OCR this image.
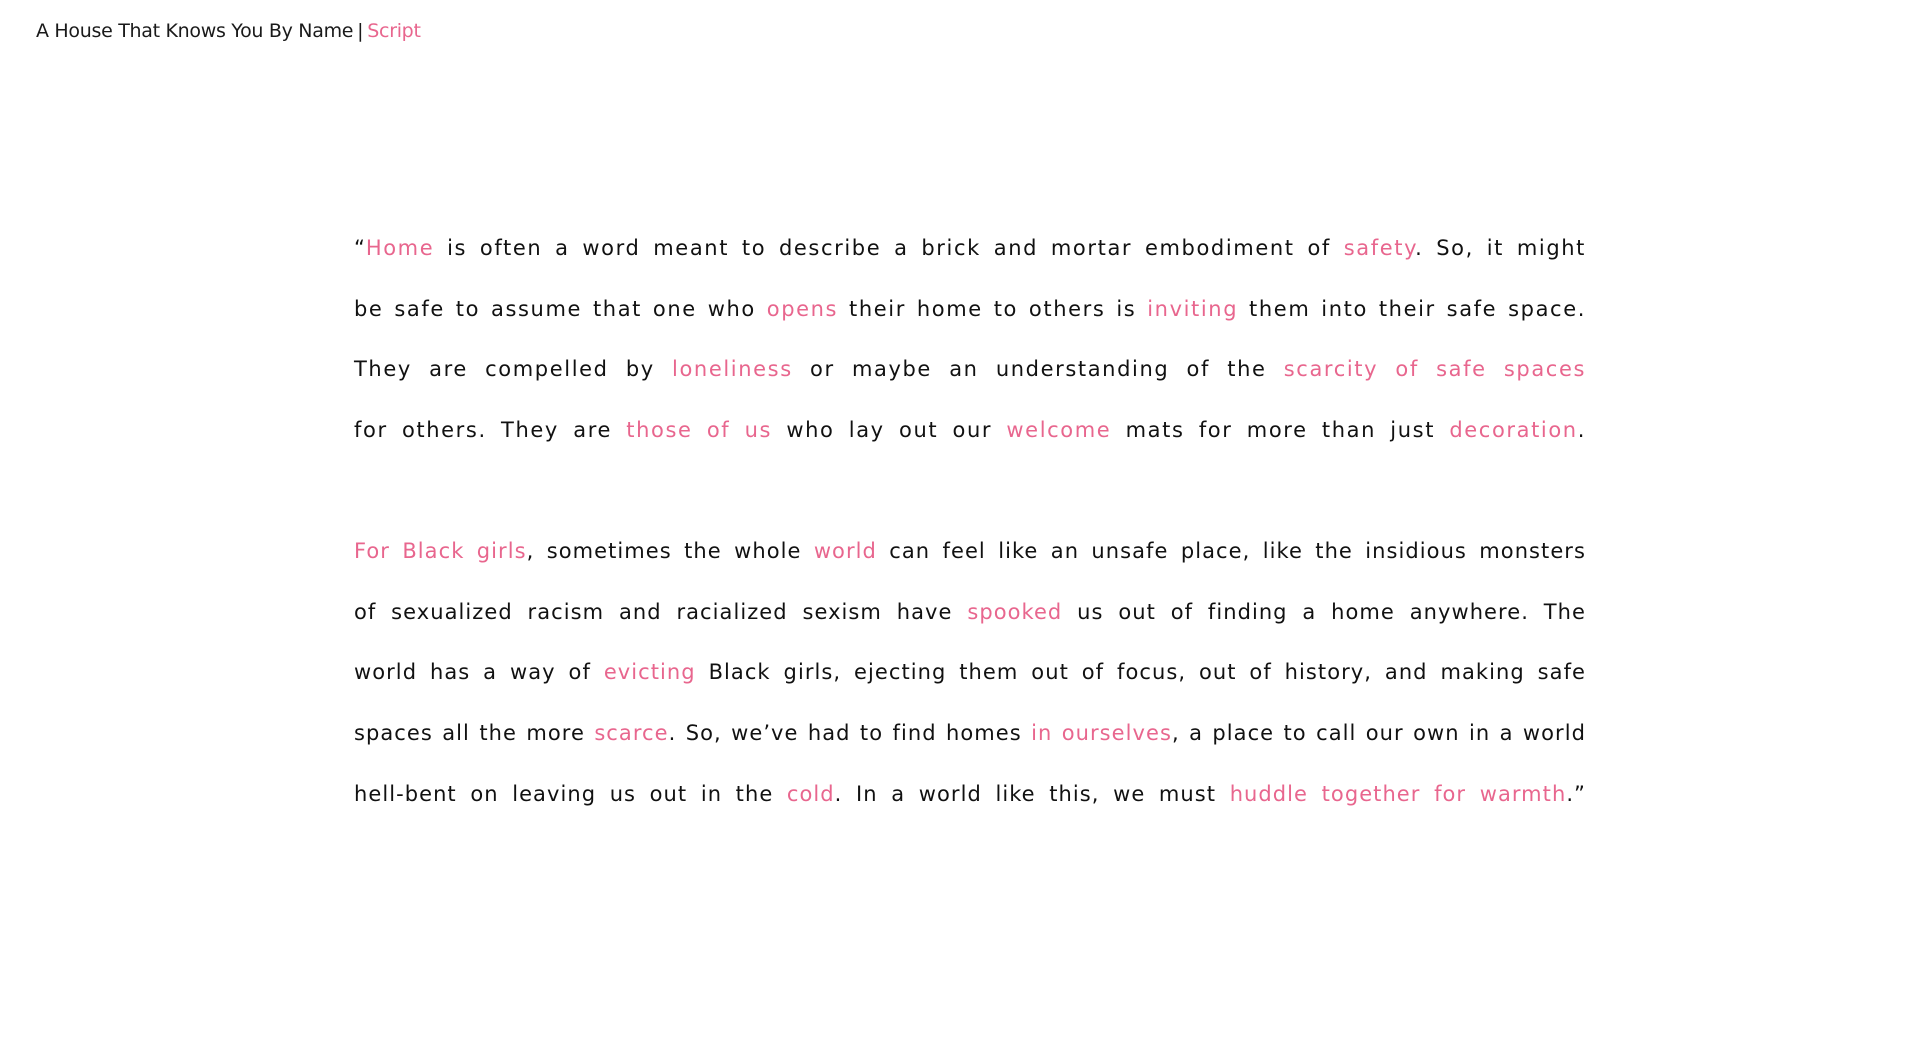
A House That Knows You By Name | Script

“Home is often a word meant to describe a brick and mortar embodiment of safety. So, it might
be safe to assume that one who opens their home to others is inviting them into their safe space.
They are compelled by loneliness or maybe an understanding of the scarcity of safe spaces
for others. They are those of us who lay out our welcome mats for more than just decoration.

For Black girls, sometimes the whole world can feel like an unsafe place, like the insidious monsters
of sexualized racism and racialized sexism have spooked us out of finding a home anywhere. The
world has a way of evicting Black girls, ejecting them out of focus, out of history, and making safe
spaces all the more scarce. So, we’ve had to find homes in ourselves, a place to call our own in a world
hell-bent on leaving us out in the cold. In a world like this, we must huddle together for warmth.”
